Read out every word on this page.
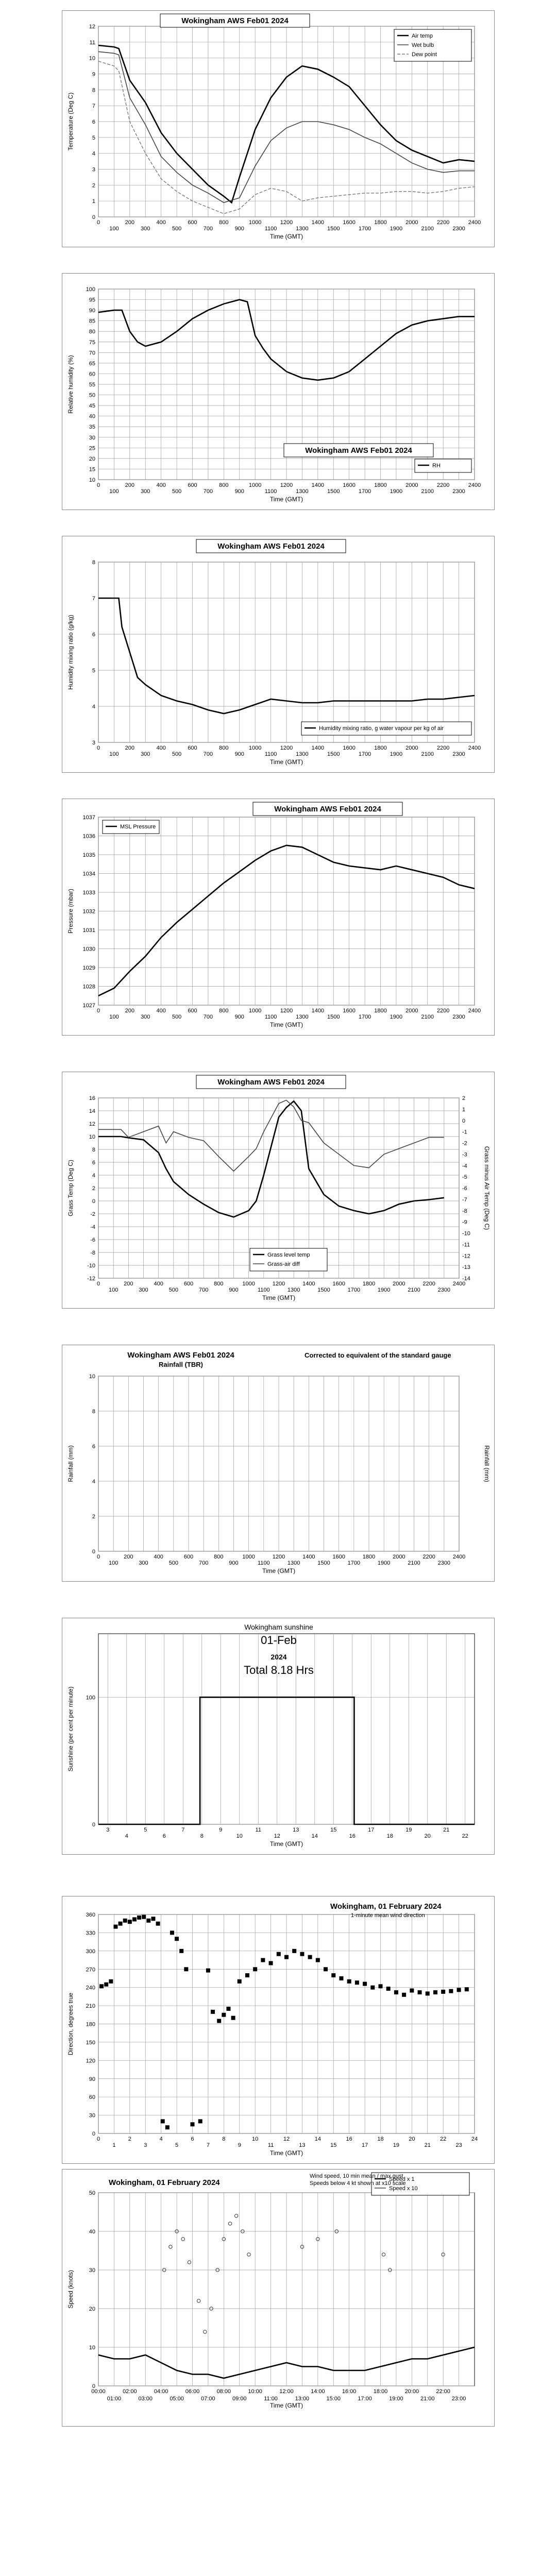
0
100
200
300
400
500
600
700
800
900
1000
1100
1200
1300
1400
1500
1600
1700
1800
1900
2000
2100
2200
2300
2400
0
1
2
3
4
5
6
7
8
9
10
11
12
Time (GMT)
Temperature (Deg C)
Air temp
Wet bulb
Dew point
Wokingham AWS Feb01 2024
0
100
200
300
400
500
600
700
800
900
1000
1100
1200
1300
1400
1500
1600
1700
1800
1900
2000
2100
2200
2300
2400
10
15
20
25
30
35
40
45
50
55
60
65
70
75
80
85
90
95
100
Time (GMT)
Relative humidity (%)
RH
Wokingham AWS Feb01 2024
0
100
200
300
400
500
600
700
800
900
1000
1100
1200
1300
1400
1500
1600
1700
1800
1900
2000
2100
2200
2300
2400
3
4
5
6
7
8
Time (GMT)
Humidity mixing ratio (g/kg)
Humidity mixing ratio, g water vapour per kg of air
Wokingham AWS Feb01 2024
0
100
200
300
400
500
600
700
800
900
1000
1100
1200
1300
1400
1500
1600
1700
1800
1900
2000
2100
2200
2300
2400
1027
1028
1029
1030
1031
1032
1033
1034
1035
1036
1037
Time (GMT)
Pressure (mbar)
MSL Pressure
Wokingham AWS Feb01 2024
0
100
200
300
400
500
600
700
800
900
1000
1100
1200
1300
1400
1500
1600
1700
1800
1900
2000
2100
2200
2300
2400
-12
-10
-8
-6
-4
-2
0
2
4
6
8
10
12
14
16
-14
-13
-12
-11
-10
-9
-8
-7
-6
-5
-4
-3
-2
-1
0
1
2
Time (GMT)
Grass Temp (Deg C)	Grass minus Air Temp (Deg C)
Grass level temp
Grass-air diff
Wokingham AWS Feb01 2024
0
100
200
300
400
500
600
700
800
900
1000
1100
1200
1300
1400
1500
1600
1700
1800
1900
2000
2100
2200
2300
2400
0
2
4
6
8
10
Time (GMT)
Rainfall (mm)	Rainfall (mm)
Wokingham AWS Feb01 2024
Rainfall (TBR)
Corrected to equivalent of the standard gauge
3
4
5
6
7
8
9
10
11
12
13
14
15
16
17
18
19
20
21
22
0
100
Time (GMT)
Sunshine (per cent per minute)
Wokingham sunshine
01-Feb
2024
Total 8.18 Hrs
0
1
2
3
4
5
6
7
8
9
10
11
12
13
14
15
16
17
18
19
20
21
22
23
24
0
30
60
90
120
150
180
210
240
270
300
330
360
Time (GMT)
Direction, degrees true
Wokingham, 01 February 2024
1-minute mean wind direction
00:00
01:00
02:00
03:00
04:00
05:00
06:00
07:00
08:00
09:00
10:00
11:00
12:00
13:00
14:00
15:00
16:00
17:00
18:00
19:00
20:00
21:00
22:00
23:00
0
10
20
30
40
50
Time (GMT)
Speed (knots)
Speed x 1
Speed x 10
Wokingham, 01 February 2024
Wind speed, 10 min mean / max gust
Speeds below 4 kt shown at x10 scale
